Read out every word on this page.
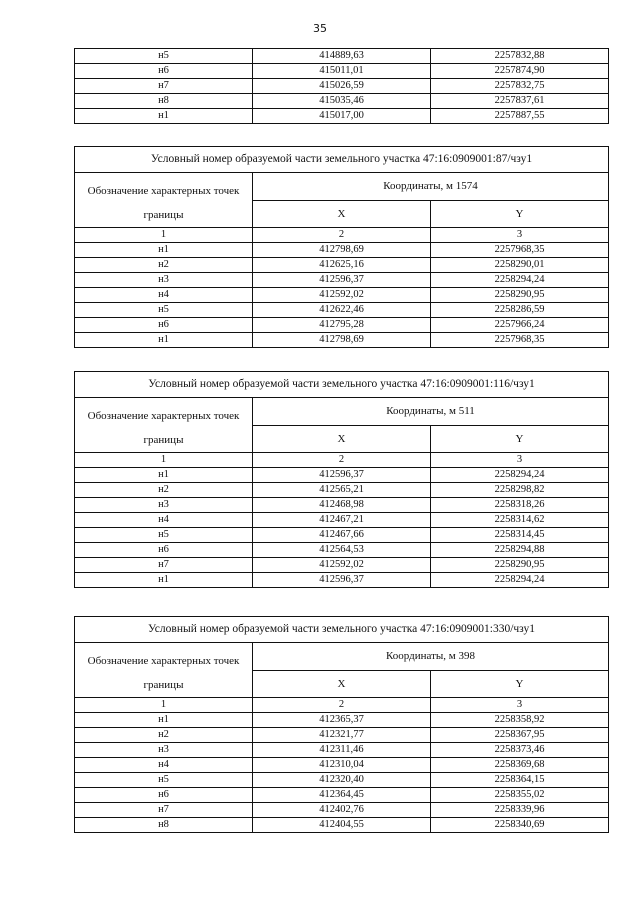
35
н5	414889,63	2257832,88
н6	415011,01	2257874,90
н7	415026,59	2257832,75
н8	415035,46	2257837,61
н1	415017,00	2257887,55
Условный номер образуемой части земельного участка 47:16:0909001:87/чзу1		
Обозначение характерных точек границы	Координаты, м 1574	
	X	Y
1	2	3
н1	412798,69	2257968,35
н2	412625,16	2258290,01
н3	412596,37	2258294,24
н4	412592,02	2258290,95
н5	412622,46	2258286,59
н6	412795,28	2257966,24
н1	412798,69	2257968,35
Условный номер образуемой части земельного участка 47:16:0909001:116/чзу1		
Обозначение характерных точек границы	Координаты, м 511	
	X	Y
1	2	3
н1	412596,37	2258294,24
н2	412565,21	2258298,82
н3	412468,98	2258318,26
н4	412467,21	2258314,62
н5	412467,66	2258314,45
н6	412564,53	2258294,88
н7	412592,02	2258290,95
н1	412596,37	2258294,24
Условный номер образуемой части земельного участка 47:16:0909001:330/чзу1		
Обозначение характерных точек границы	Координаты, м 398	
	X	Y
1	2	3
н1	412365,37	2258358,92
н2	412321,77	2258367,95
н3	412311,46	2258373,46
н4	412310,04	2258369,68
н5	412320,40	2258364,15
н6	412364,45	2258355,02
н7	412402,76	2258339,96
н8	412404,55	2258340,69
